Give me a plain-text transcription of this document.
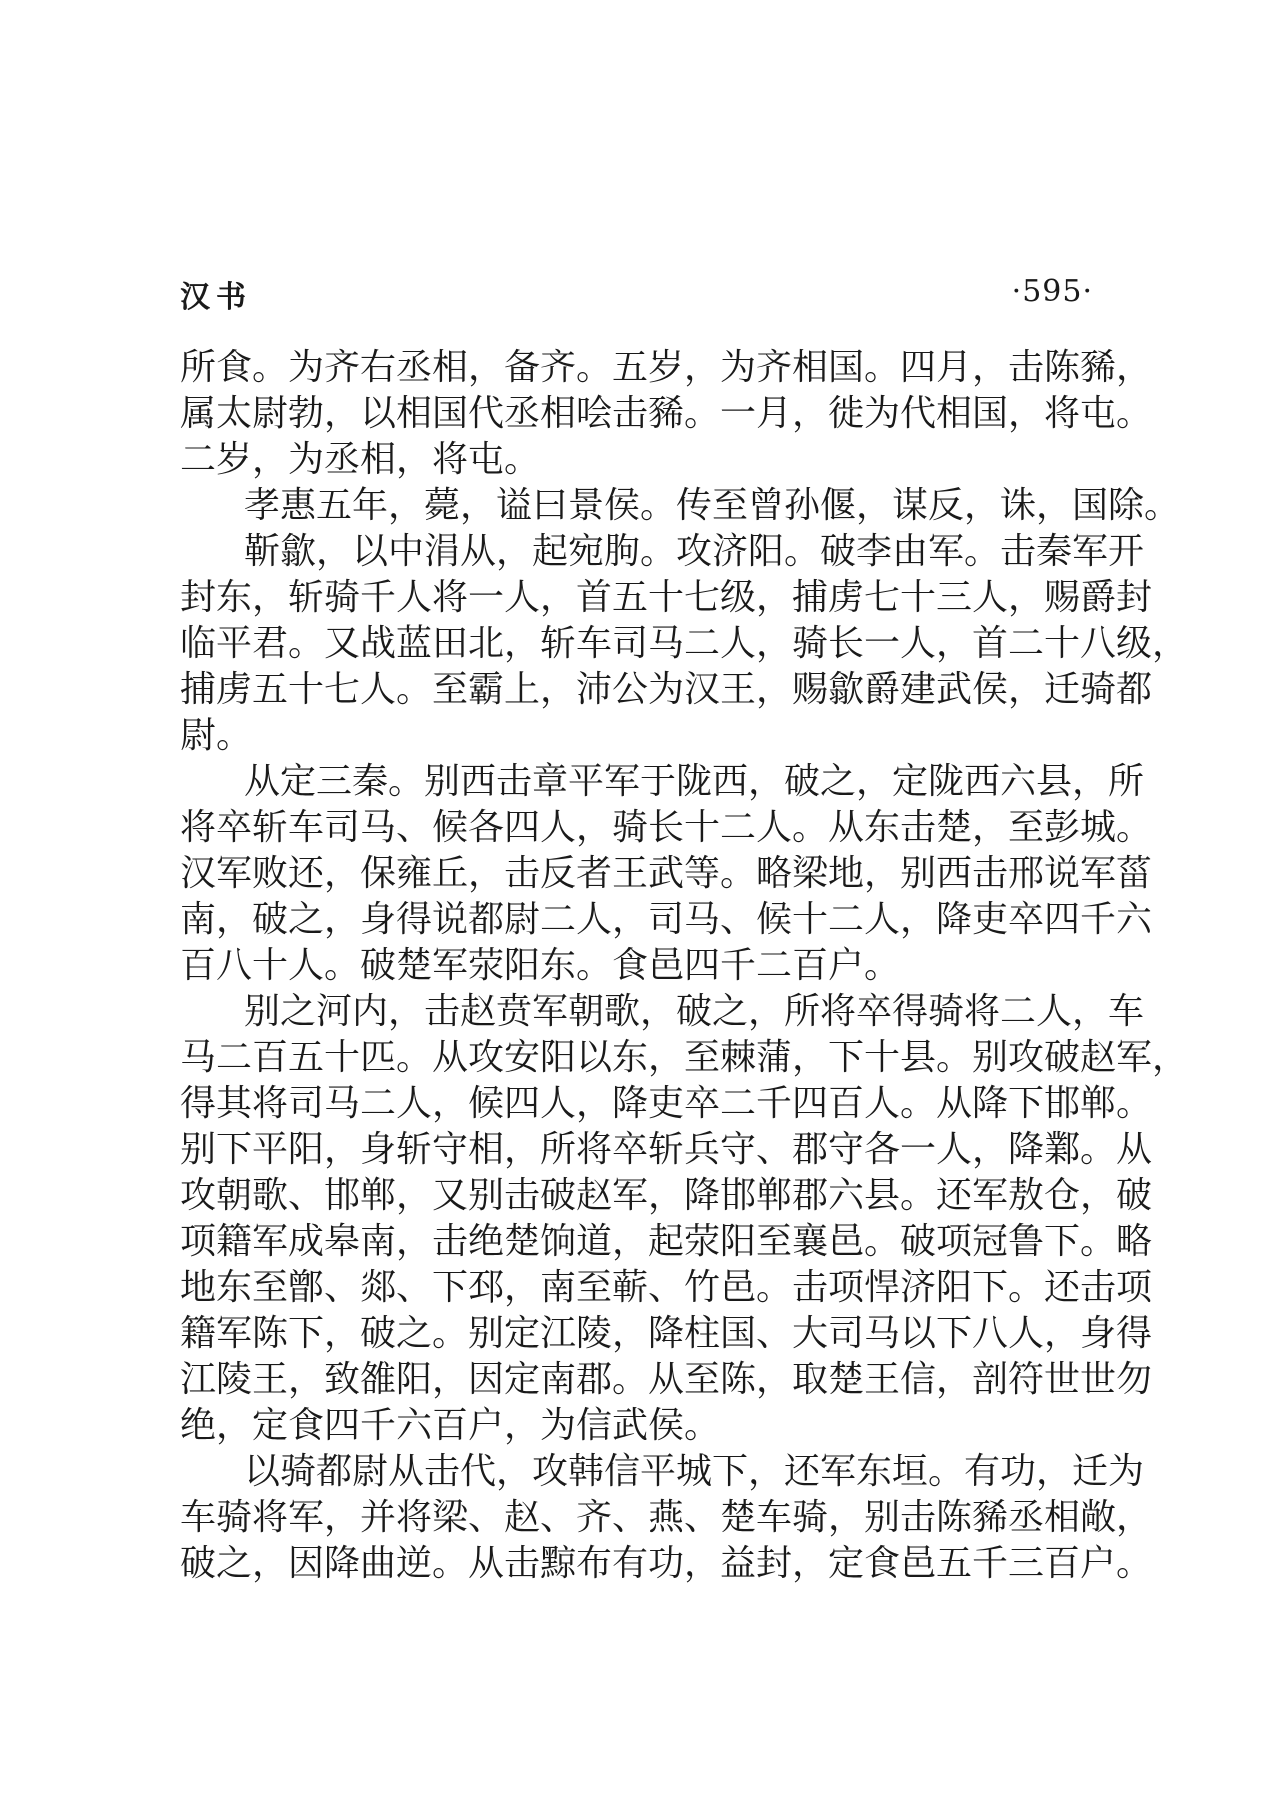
汉书	·595·
所食。为齐右丞相，备齐。五岁，为齐相国。四月，击陈豨，
属太尉勃，以相国代丞相哙击豨。一月，徙为代相国，将屯。
二岁，为丞相，将屯。
孝惠五年，薨，谥曰景侯。传至曾孙偃，谋反，诛，国除。
靳歙，以中涓从，起宛朐。攻济阳。破李由军。击秦军开
封东，斩骑千人将一人，首五十七级，捕虏七十三人，赐爵封
临平君。又战蓝田北，斩车司马二人，骑长一人，首二十八级，
捕虏五十七人。至霸上，沛公为汉王，赐歙爵建武侯，迁骑都
尉。
从定三秦。别西击章平军于陇西，破之，定陇西六县，所
将卒斩车司马、候各四人，骑长十二人。从东击楚，至彭城。
汉军败还，保雍丘，击反者王武等。略梁地，别西击邢说军菑
南，破之，身得说都尉二人，司马、候十二人，降吏卒四千六
百八十人。破楚军荥阳东。食邑四千二百户。
别之河内，击赵贲军朝歌，破之，所将卒得骑将二人，车
马二百五十匹。从攻安阳以东，至棘蒲，下十县。别攻破赵军，
得其将司马二人，候四人，降吏卒二千四百人。从降下邯郸。
别下平阳，身斩守相，所将卒斩兵守、郡守各一人，降鄴。从
攻朝歌、邯郸，又别击破赵军，降邯郸郡六县。还军敖仓，破
项籍军成皋南，击绝楚饷道，起荥阳至襄邑。破项冠鲁下。略
地东至鄫、郯、下邳，南至蕲、竹邑。击项悍济阳下。还击项
籍军陈下，破之。别定江陵，降柱国、大司马以下八人，身得
江陵王，致雒阳，因定南郡。从至陈，取楚王信，剖符世世勿
绝，定食四千六百户，为信武侯。
以骑都尉从击代，攻韩信平城下，还军东垣。有功，迁为
车骑将军，并将梁、赵、齐、燕、楚车骑，别击陈豨丞相敞，
破之，因降曲逆。从击黥布有功，益封，定食邑五千三百户。
